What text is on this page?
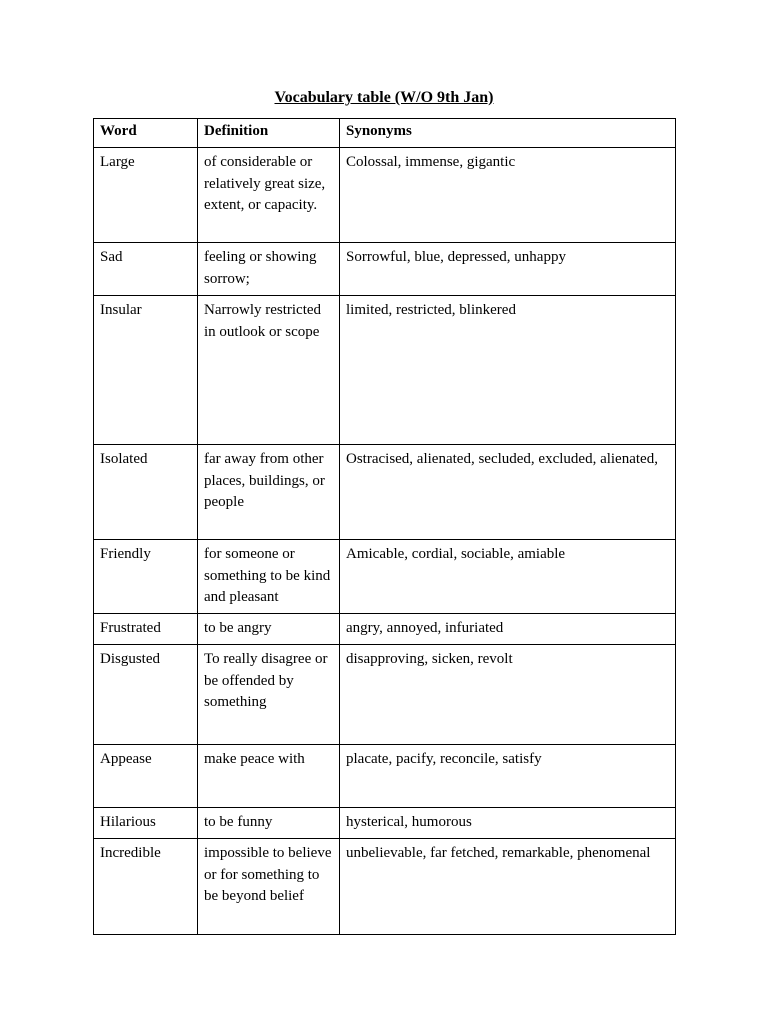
Vocabulary table (W/O 9th Jan)
Word	Definition	Synonyms
Large	of considerable or relatively great size, extent, or capacity.	Colossal, immense, gigantic
Sad	feeling or showing sorrow;	Sorrowful, blue, depressed, unhappy
Insular	Narrowly restricted in outlook or scope	limited, restricted, blinkered
Isolated	far away from other places, buildings, or people	Ostracised, alienated, secluded, excluded, alienated,
Friendly	for someone or something to be kind and pleasant	Amicable, cordial, sociable, amiable
Frustrated	to be angry	angry, annoyed, infuriated
Disgusted	To really disagree or be offended by something	disapproving, sicken, revolt
Appease	make peace with	placate, pacify, reconcile, satisfy
Hilarious	to be funny	hysterical, humorous
Incredible	impossible to believe or for something to be beyond belief	unbelievable, far fetched, remarkable, phenomenal
